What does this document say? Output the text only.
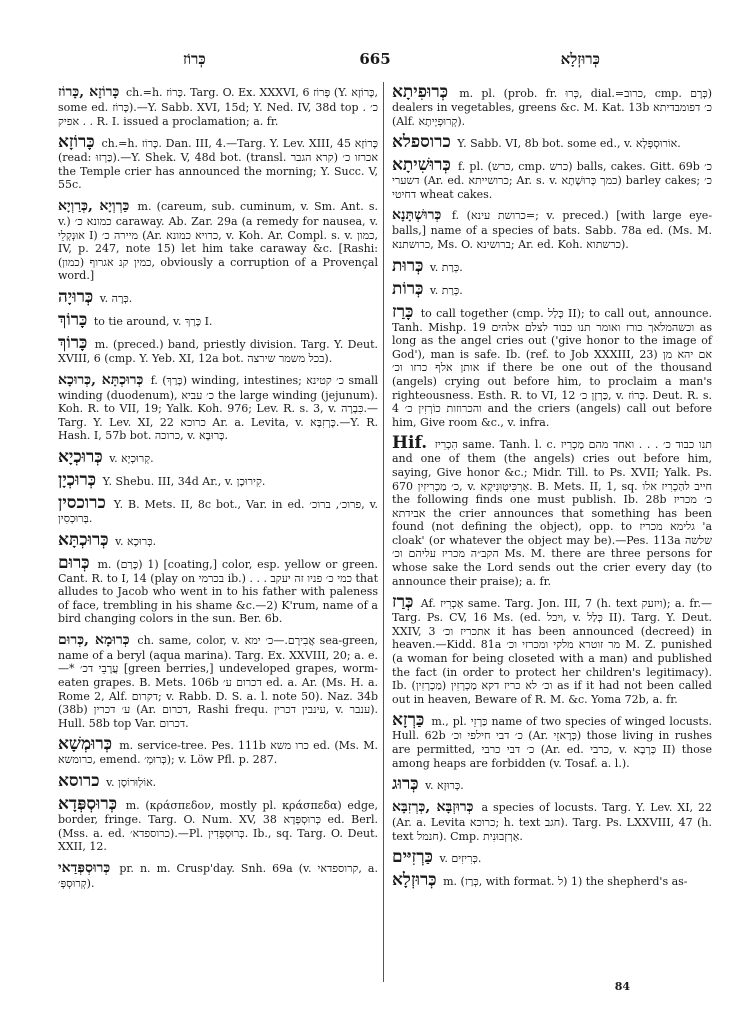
כְּרוֹז	665	כְּרוּזְלָא

כָּרוֹזָא ,כָּרוֹז ch.=h. כָּרוֹז. Targ. O. Ex. XXXVI, 6 פְּרוֹז (Y. כָּרוֹזָא, some ed. כָּרוֹז).—Y. Sabb. XVI, 15d; Y. Ned. IV, 38d top כ׳ . . . אפיק R. I. issued a proclamation; a. fr.

כָּרוֹזָא ch.=h. כָּרוֹז. Dan. III, 4.—Targ. Y. Lev. XIII, 45 כָּרוֹזָא (read: כַּרְזוּ).—Y. Shek. V, 48d bot. (transl. קרא הגבר) אכרזו כ׳ the Temple crier has announced the morning; Y. Succ. V, 55c.

כַּרְוְיָא ,כְּרַוְיָא m. (careum, sub. cuminum, v. Sm. Ant. s. v.) כמונא כ׳ caraway. Ab. Zar. 29a (a remedy for nausea, v. אוּנְקְלֵי I) מיירה כ׳ (Ar. כרויא כמונא, v. Koh. Ar. Compl. s. v. כמון, IV, p. 247, note 15) let him take caraway &c. [Rashi: (כמון) כמין קנ אגרוף, obviously a corruption of a Provençal word.]

כְּרוּיָה v. כְּרָה.

כָּרוֹךְ to tie around, v. כָּרַךְ I.

כָּרוֹךְ m. (preced.) band, priestly division. Targ. Y. Deut. XVIII, 6 (cmp. Y. Yeb. XI, 12a bot. בכל משמר שירצה).

כְּרוּכְתָּא ,כְּרוּכָא f. (כָּרַךְ) winding, intestines; כ׳ קטינא small winding (duodenum), כ׳ עביא the large winding (jejunum). Koh. R. to VII, 19; Yalk. Koh. 976; Lev. R. s. 3, v. כִּבְרָה.—Targ. Y. Lev. XI, 22 כרוכא Ar. a. Levita, v. כָּרְזִבָּא.—Y. R. Hash. I, 57b bot. כרוכה, v. כָּרוּבָא.

כְּרוּכְיָא v. קְרוּכְיָא.

כְּרוּכְיָן Y. Shebu. III, 34d Ar., v. קִירוּכָן.

כרוכסין Y. B. Mets. II, 8c bot., Var. in ed. פרוכ׳, ברוכ׳, v. בְּרוּכְסִין.

כְּרוּכְתָּא v. כְּרוּכָא.

כְּרוּם m. (כָּרַם) 1) [coating,] color, esp. yellow or green. Cant. R. to I, 14 (play on בכרמי ib.) . . . כמי כ׳ פניו זה יעקב that alludes to Jacob who went in to his father with paleness of face, trembling in his shame &c.—2) K'rum, name of a bird changing colors in the sun. Ber. 6b.

כְּרוּמָא ,כְּרוּם ch. same, color, v. אֲבִירָם.—כ׳ ימא sea-green, name of a beryl (aqua marina). Targ. Ex. XXVIII, 20; a. e.—* עֲרָבֵי דכ׳ [green berries,] undeveloped grapes, worm-eaten grapes. B. Mets. 106b דכרום ע׳ ed. a. Ar. (Ms. H. a. Rome 2, Alf. דקרום; v. Rabb. D. S. a. l. note 50). Naz. 34b (38b) ע׳ דכרין (Ar. דכרום, Rashi frequ. עינבין דכרין, v. ענבר). Hull. 58b top Var. דכרום.

כְּרוּמְשָׁא m. service-tree. Pes. 111b כרו משא ed. (Ms. M. כרומשא, emend. כְּרוּמְ׳); v. Löw Pfl. p. 287.

כרוסא v. אוֹלְוּרוֹסָן.

כְּרוּסְפְּדָא m. (κράσπεδον, mostly pl. κράσπεδα) edge, border, fringe. Targ. O. Num. XV, 38 כְּרוּסְפְּדָא ed. Berl. (Mss. a. ed. כרוספדא׳).—Pl. כְּרוּסְפְּדִין. Ib., sq. Targ. O. Deut. XXII, 12.

כְּרוּסְפְּדַאי pr. n. m. Crusp'day. Snh. 69a (v. קרוספדאי, a. קְרוּסְפְּ׳).

כְּרוּפִיתָא m. pl. (prob. fr. כְּרוּ, dial.=כרוב, cmp. כְּרָם) dealers in vegetables, greens &c. M. Kat. 13b כ׳ דפומבדיתא (Alf. קְרוּפְיָיתָא).

כרוספלא Y. Sabb. VI, 8b bot. some ed., v. אוֹרוּסְפְּלָא.

כְּרוּשִׁיתָא f. pl. (כרש, cmp. כרש) balls, cakes. Gitt. 69b כ׳ דשערי (Ar. ed. כרושייתא; Ar. s. v. כמך כְּרוּשָׁתָא) barley cakes; כ׳ דחיטי wheat cakes.

כְּרוּשְׁתָּנָא f. (כרושת עינא=; v. preced.) [with large eye-balls,] name of a species of bats. Sabb. 78a ed. (Ms. M. כרושתנא, Ms. O. ברושינא; Ar. ed. Koh. כרשתוא).

כְּרוּת v. כְּרַת.

כְּרוֹת v. כְּרַת.

כָּרַז to call together (cmp. כָּלַל II); to call out, announce. Tanh. Mishp. 19 וכשהמלאך כורז ואומר תנו כבוד לצלם אלהים as long as the angel cries out ('give honor to the image of God'), man is safe. Ib. (ref. to Job XXXIII, 23) אם יהא מן אותן אלף כרזו וכ׳ if there be one out of the thousand (angels) crying out before him, to proclaim a man's righteousness. Esth. R. to VI, 12 כַּרְזָן כ׳, v. כָּרוֹז. Deut. R. s. 4 והכרוזות כוֹרְזִין כ׳ and the criers (angels) call out before him, Give room &c., v. infra.

Hif. הִכְרִיז same. Tanh. l. c. תנו כבוד כ׳ . . . ואחד מהם מַכְרִיז and one of them (the angels) cries out before him, saying, Give honor &c.; Midr. Till. to Ps. XVII; Yalk. Ps. 670 כ׳ מַכְרִיזִין, v. אַרְכִּיטְוּנִיקָא. B. Mets. II, 1, sq. חייב להַכְרִיז אלו the following finds one must publish. Ib. 28b כ׳ מכריז אבידתא the crier announces that something has been found (not defining the object), opp. to גלימא מכריז 'a cloak' (or whatever the object may be).—Pes. 113a שלשה הקב״ה מכריז עליהם וכ׳ Ms. M. there are three persons for whose sake the Lord sends out the crier every day (to announce their praise); a. fr.

כְּרַז Af. אַכְרִיז same. Targ. Jon. III, 7 (h. text ויזעק); a. fr.—Targ. Ps. CV, 16 Ms. (ed. ויכל, v. כְּלַל II). Targ. Y. Deut. XXIV, 3 אתכריז וכ׳ it has been announced (decreed) in heaven.—Kidd. 81a מר זוטרא מלקי ומכרזי וכ׳ M. Z. punished (a woman for being closeted with a man) and published the fact (in order to protect her children's legitimacy). Ib. וכ׳ לא כריז דקא מַכְרְזִין (מַכְרְזִין) as if it had not been called out in heaven, Beware of R. M. &c. Yoma 72b, a. fr.

כַּרְזָא m., pl. כַּרְזֵי name of two species of winged locusts. Hull. 62b כ׳ דבי חילפי וכ׳ (Ar. כְּרָאזֵי) those living in rushes are permitted, כ׳ דבי כרבי (Ar. ed. כרבי, v. כְּרָבָא II) those among heaps are forbidden (v. Tosaf. a. l.).

כְּרוּג v. כְּרוּזָא.

כְּרוּזְבָּא ,כְּרְזִבָּא a species of locusts. Targ. Y. Lev. XI, 22 (Ar. a. Levita כרוכא; h. text חגב). Targ. Ps. LXXVIII, 47 (h. text חנמל). Cmp. אַרְזְבוּנִית.

כַּרְזִיּים v. כְּרִיזִים.

כְּרוּזְלָא m. (כְּרַז, with format. ל) 1) the shepherd's as-

84
